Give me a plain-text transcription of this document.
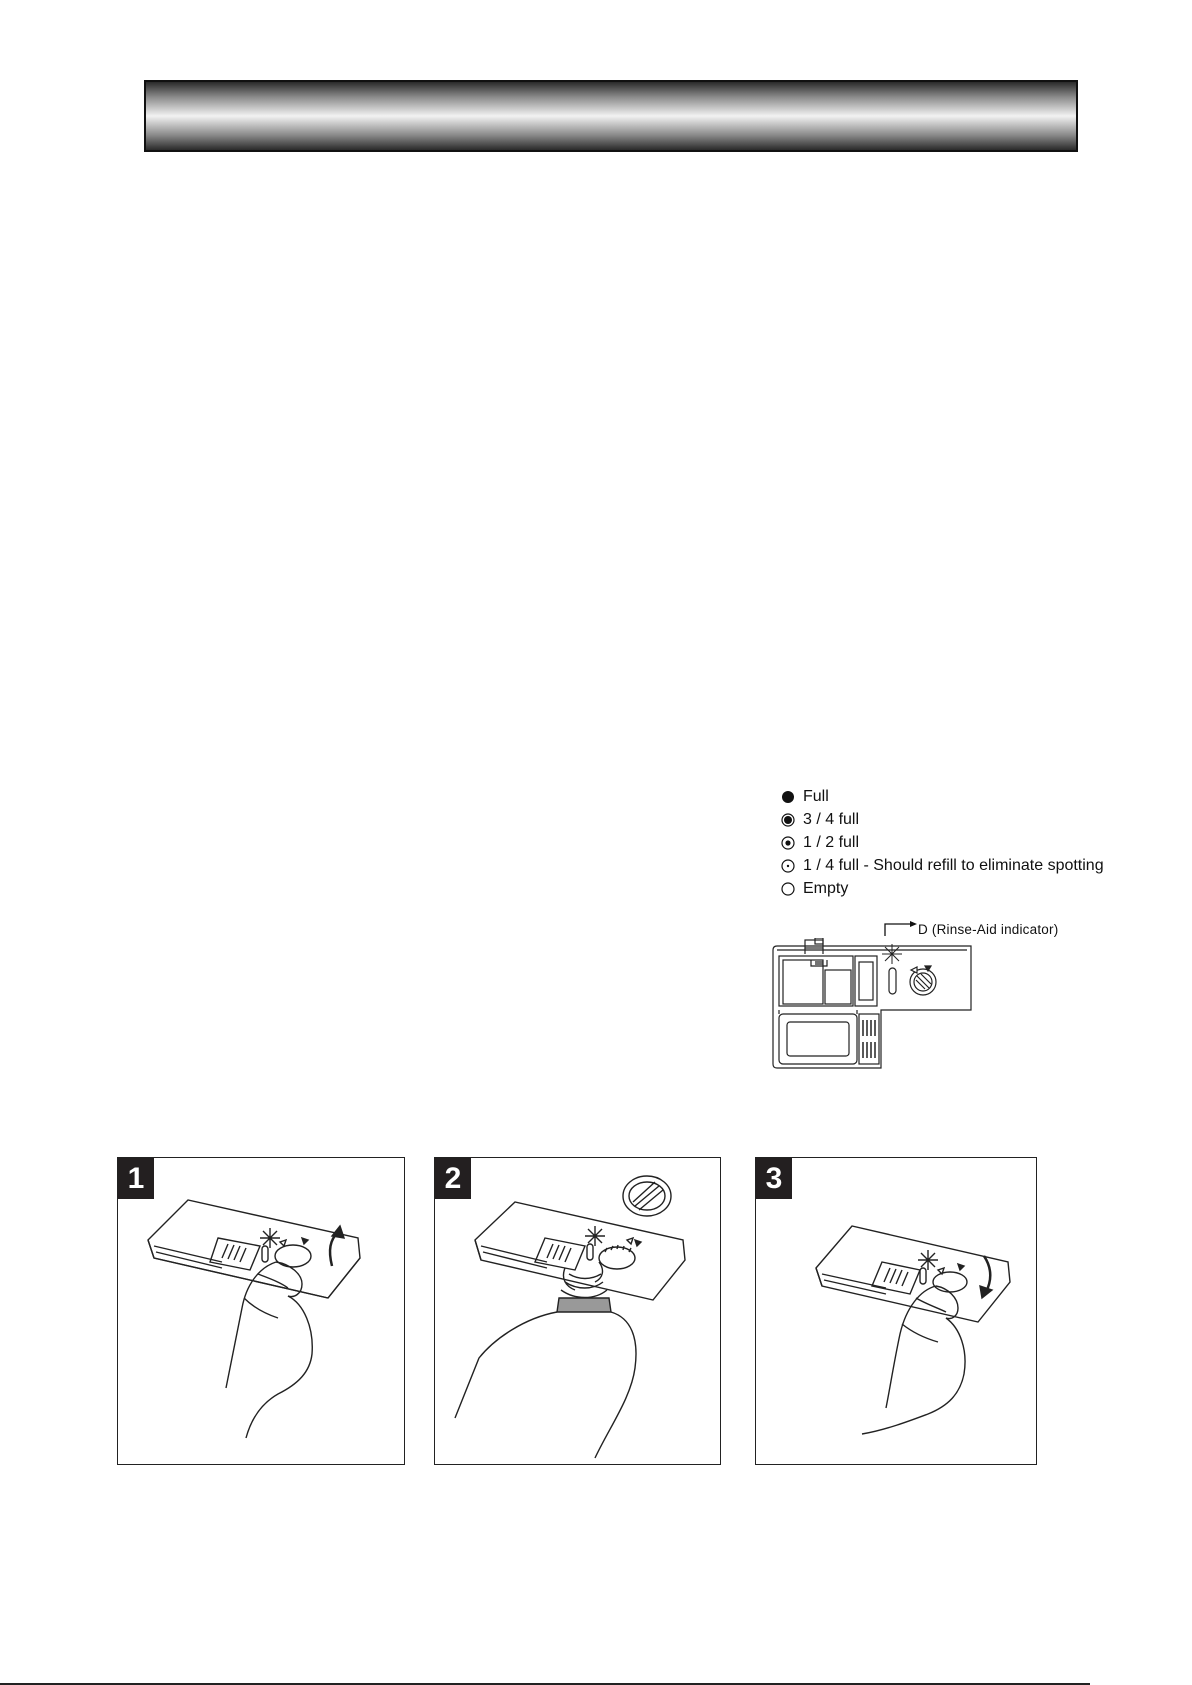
Full
3 / 4 full
1 / 2 full
1 / 4 full - Should refill to eliminate spotting
Empty
D (Rinse-Aid indicator)
1	2	3
